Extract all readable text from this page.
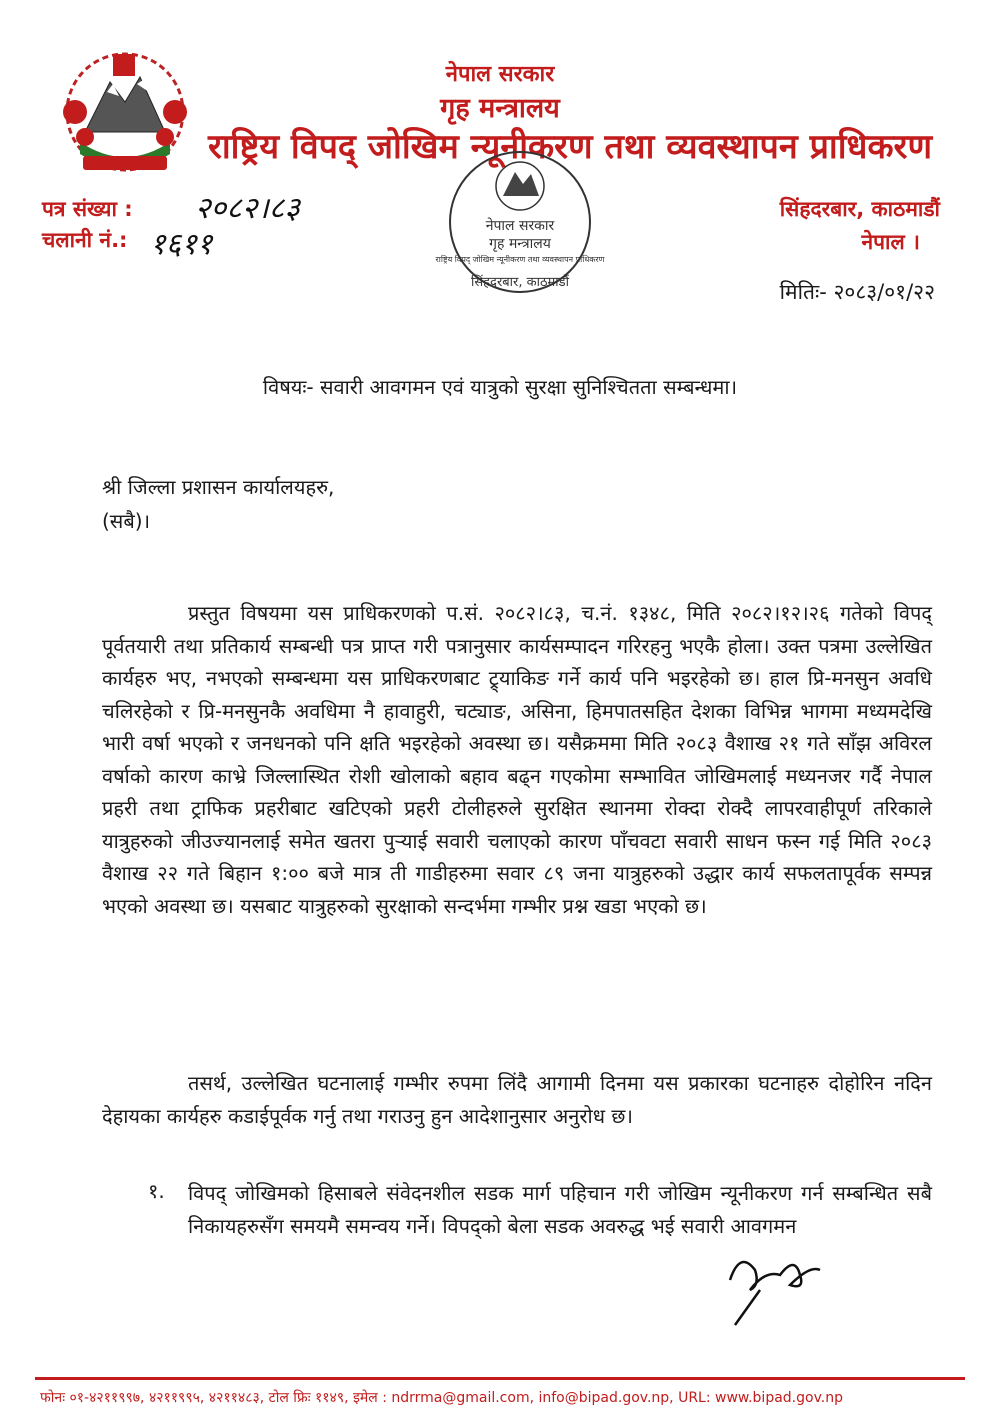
नेपाल सरकार
गृह मन्त्रालय
राष्ट्रिय विपद् जोखिम न्यूनीकरण तथा व्यवस्थापन प्राधिकरण
पत्र संख्या : २०८२।८३
चलानी नं.: १६११
सिंहदरबार, काठमाडौं
नेपाल ।
मितिः- २०८३/०१/२२
नेपाल सरकार
गृह मन्त्रालय
राष्ट्रिय विपद् जोखिम न्यूनीकरण तथा व्यवस्थापन प्राधिकरण
सिंहदरबार, काठमाडौं
विषयः- सवारी आवगमन एवं यात्रुको सुरक्षा सुनिश्चितता सम्बन्धमा।
श्री जिल्ला प्रशासन कार्यालयहरु,
(सबै)।
प्रस्तुत विषयमा यस प्राधिकरणको प.सं. २०८२।८३, च.नं. १३४८, मिति २०८२।१२।२६ गतेको विपद् पूर्वतयारी तथा प्रतिकार्य सम्बन्धी पत्र प्राप्त गरी पत्रानुसार कार्यसम्पादन गरिरहनु भएकै होला। उक्त पत्रमा उल्लेखित कार्यहरु भए, नभएको सम्बन्धमा यस प्राधिकरणबाट ट्र्याकिङ गर्ने कार्य पनि भइरहेको छ। हाल प्रि-मनसुन अवधि चलिरहेको र प्रि-मनसुनकै अवधिमा नै हावाहुरी, चट्याङ, असिना, हिमपातसहित देशका विभिन्न भागमा मध्यमदेखि भारी वर्षा भएको र जनधनको पनि क्षति भइरहेको अवस्था छ। यसैक्रममा मिति २०८३ वैशाख २१ गते साँझ अविरल वर्षाको कारण काभ्रे जिल्लास्थित रोशी खोलाको बहाव बढ्न गएकोमा सम्भावित जोखिमलाई मध्यनजर गर्दै नेपाल प्रहरी तथा ट्राफिक प्रहरीबाट खटिएको प्रहरी टोलीहरुले सुरक्षित स्थानमा रोक्दा रोक्दै लापरवाहीपूर्ण तरिकाले यात्रुहरुको जीउज्यानलाई समेत खतरा पुर्‍याई सवारी चलाएको कारण पाँचवटा सवारी साधन फस्न गई मिति २०८३ वैशाख २२ गते बिहान १:०० बजे मात्र ती गाडीहरुमा सवार ८९ जना यात्रुहरुको उद्धार कार्य सफलतापूर्वक सम्पन्न भएको अवस्था छ। यसबाट यात्रुहरुको सुरक्षाको सन्दर्भमा गम्भीर प्रश्न खडा भएको छ।
तसर्थ, उल्लेखित घटनालाई गम्भीर रुपमा लिंदै आगामी दिनमा यस प्रकारका घटनाहरु दोहोरिन नदिन देहायका कार्यहरु कडाईपूर्वक गर्नु तथा गराउनु हुन आदेशानुसार अनुरोध छ।
१. विपद् जोखिमको हिसाबले संवेदनशील सडक मार्ग पहिचान गरी जोखिम न्यूनीकरण गर्न सम्बन्धित सबै निकायहरुसँग समयमै समन्वय गर्ने। विपद्को बेला सडक अवरुद्ध भई सवारी आवगमन
फोनः ०१-४२११९९७, ४२११९९५, ४२११४८३, टोल फ्रिः ११४९, इमेल : ndrrma@gmail.com, info@bipad.gov.np, URL: www.bipad.gov.np
